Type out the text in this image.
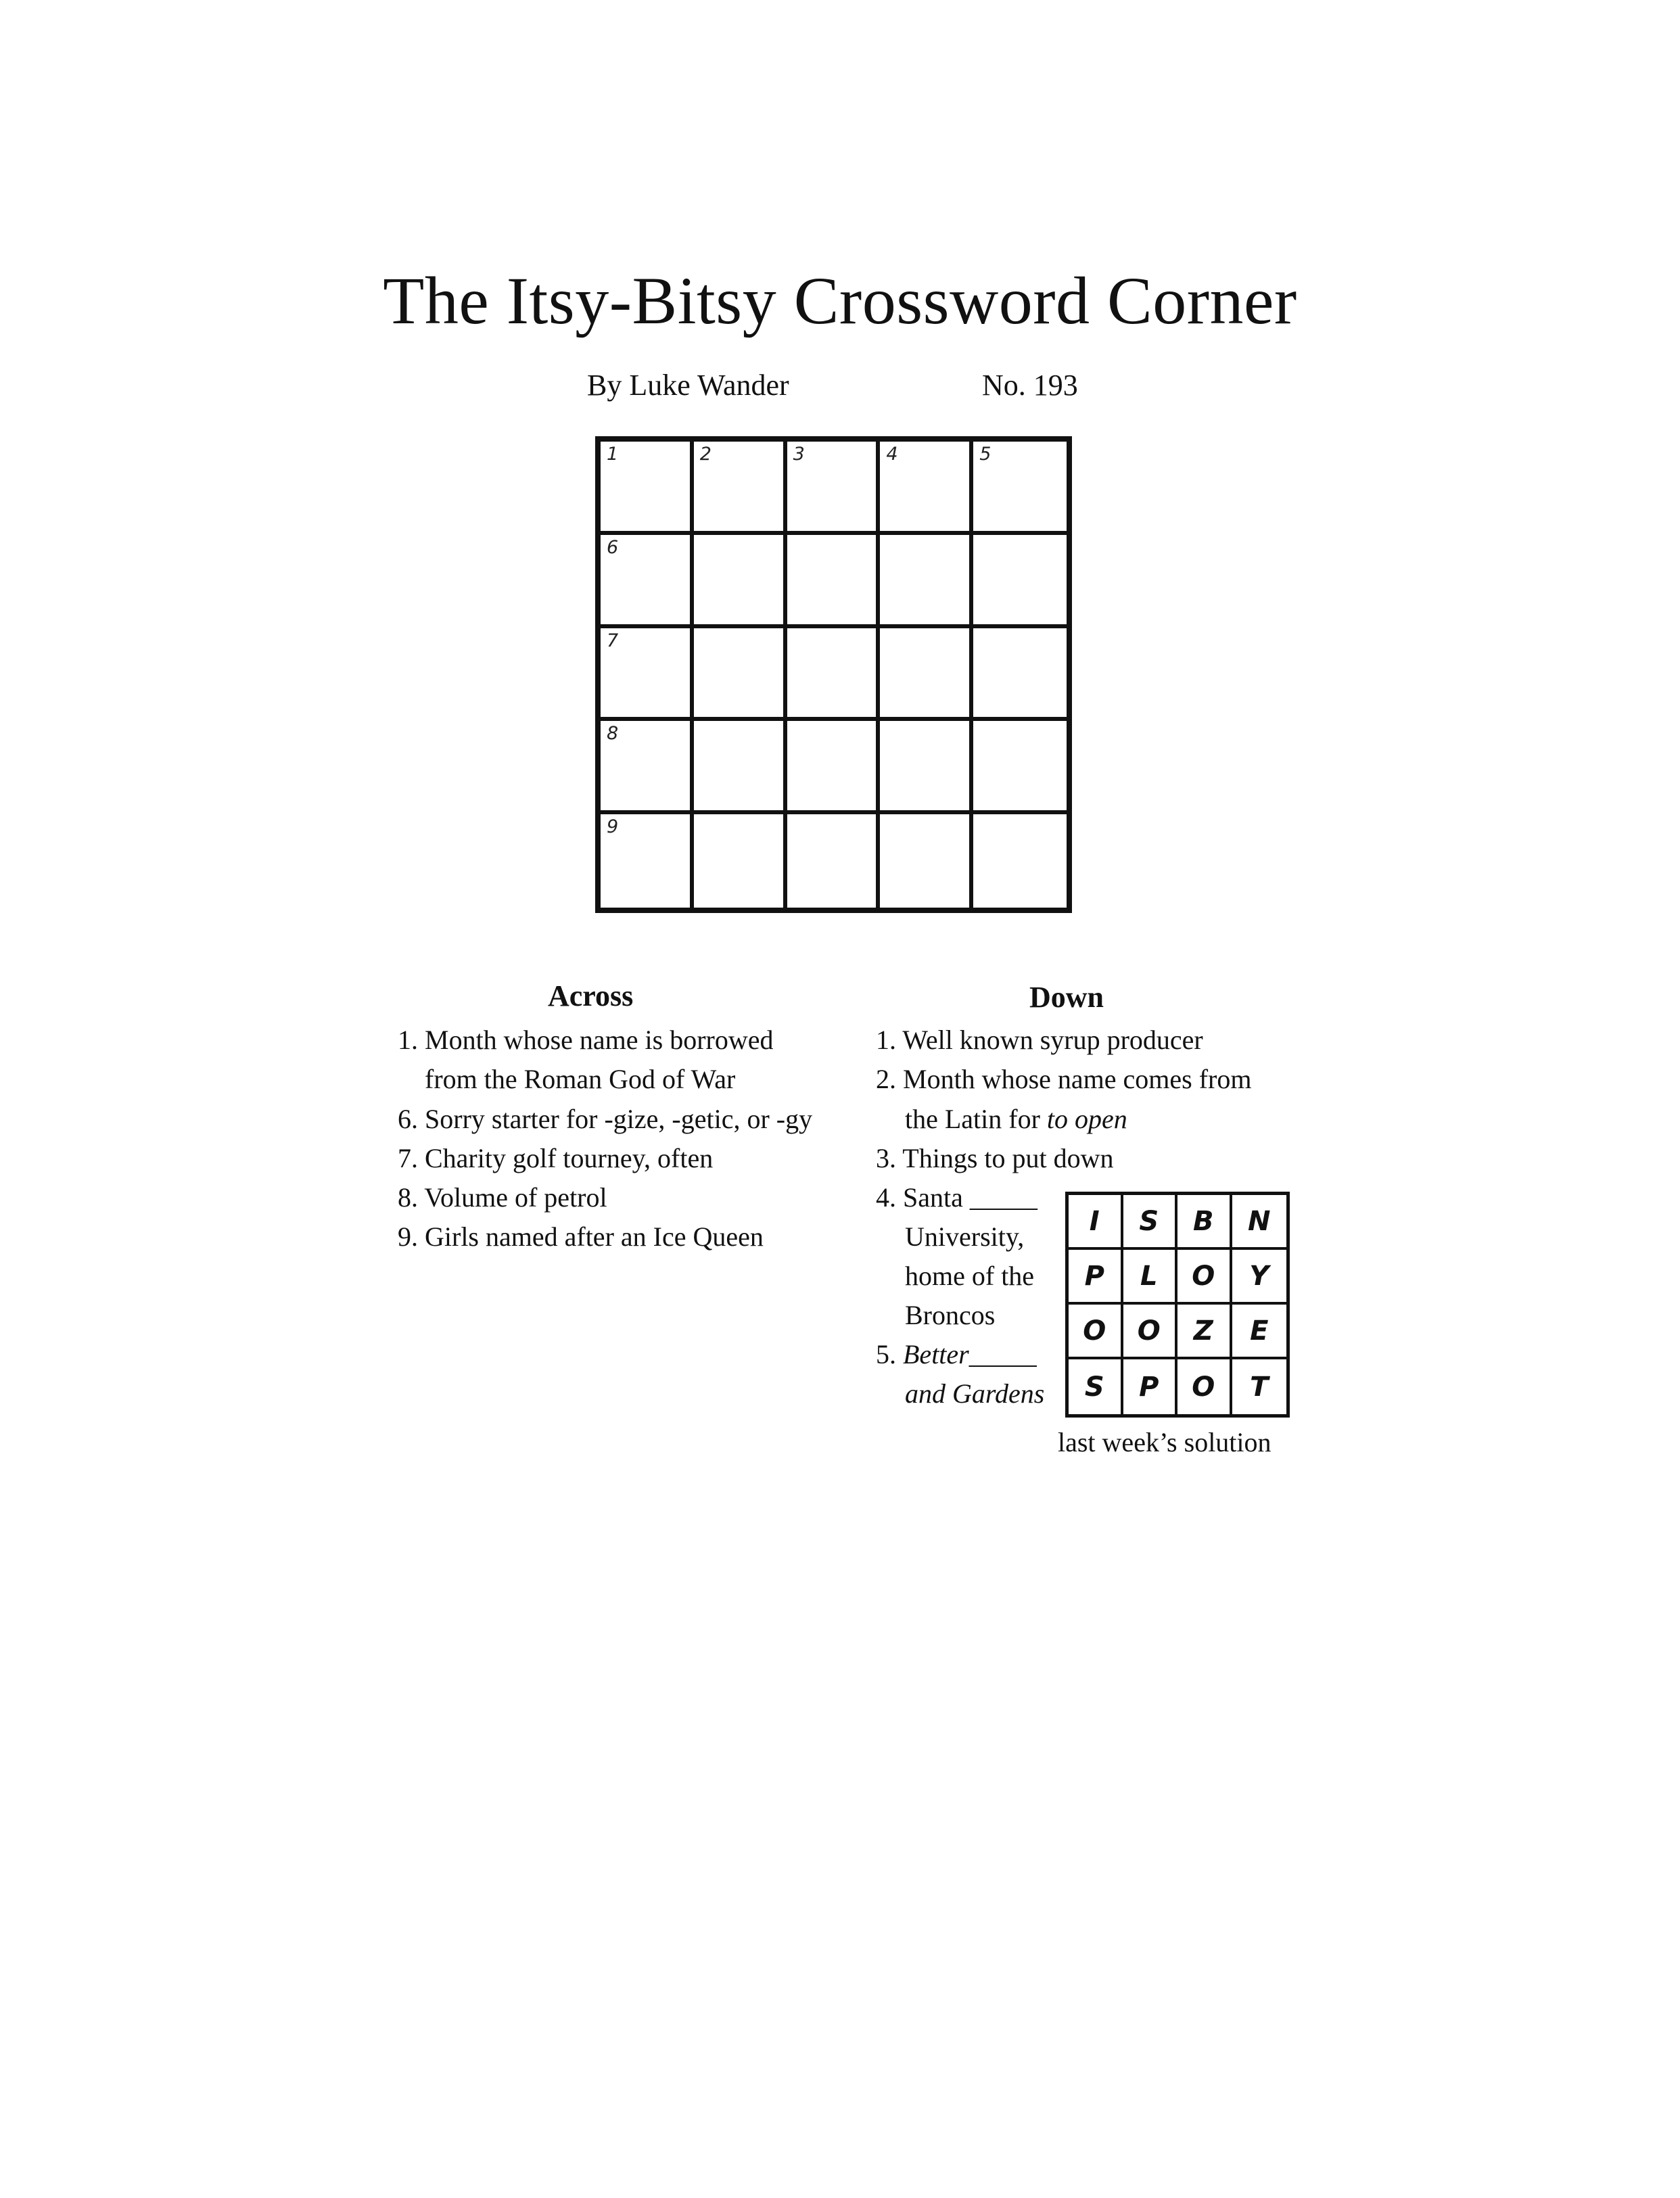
The Itsy-Bitsy Crossword Corner
By Luke Wander	No. 193
1	2	3	4	5
6
7
8
9
Across
1. Month whose name is borrowed
from the Roman God of War
6. Sorry starter for -gize, -getic, or -gy
7. Charity golf tourney, often
8. Volume of petrol
9. Girls named after an Ice Queen
Down
1. Well known syrup producer
2. Month whose name comes from
the Latin for to open
3. Things to put down
4. Santa _____
University,
home of the
Broncos
5. Better_____
and Gardens
I	S	B	N
P	L	O	Y
O	O	Z	E
S	P	O	T
last week’s solution
